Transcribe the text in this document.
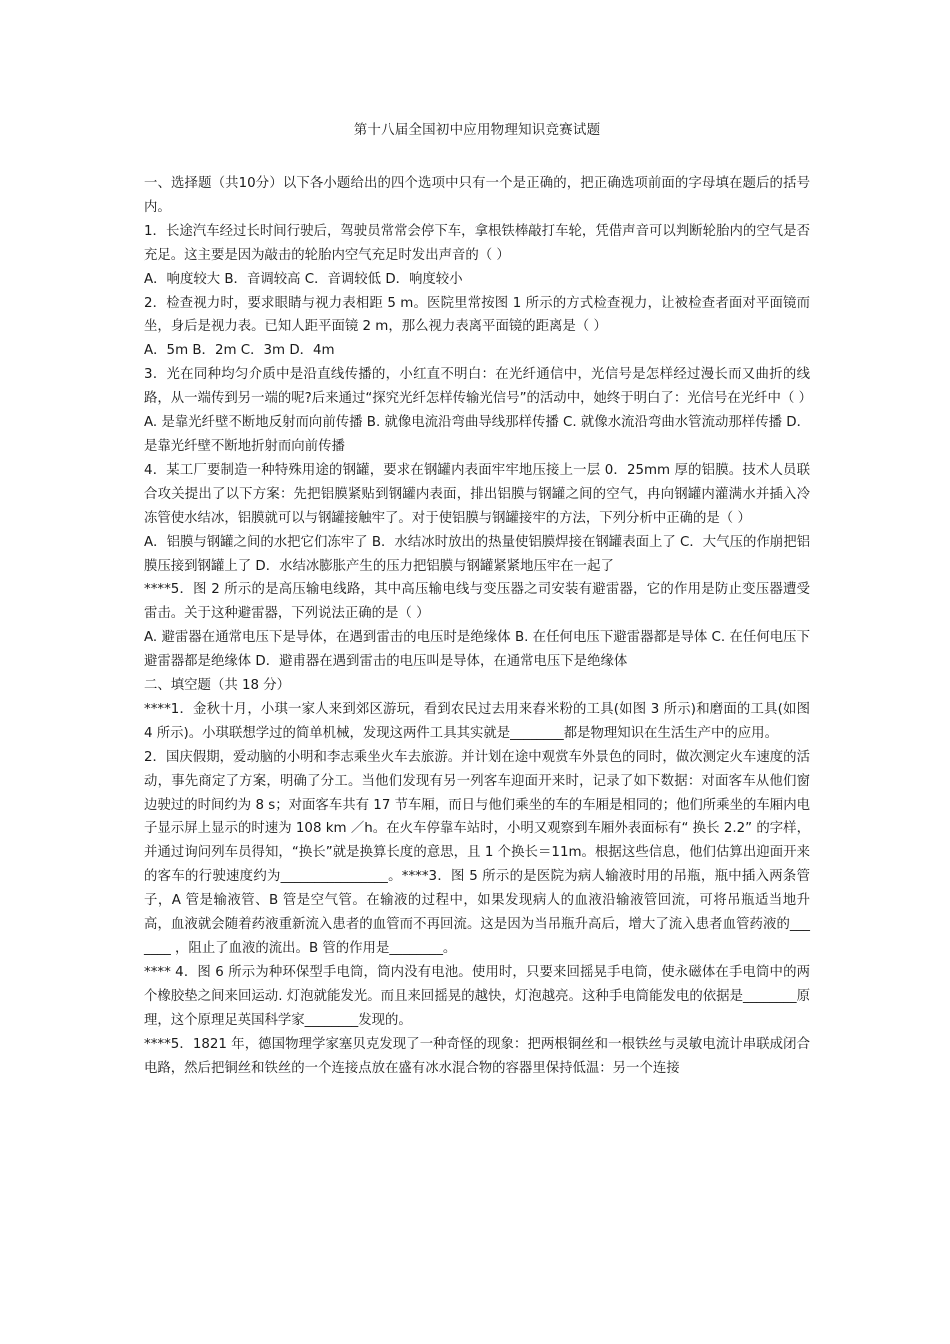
第十八届全国初中应用物理知识竞赛试题

一、选择题（共10分）以下各小题给出的四个选项中只有一个是正确的，把正确选项前面的字母填在题后的括号内。

1．长途汽车经过长时间行驶后，驾驶员常常会停下车，拿根铁棒敲打车轮，凭借声音可以判断轮胎内的空气是否充足。这主要是因为敲击的轮胎内空气充足时发出声音的（ ）

A．响度较大 B．音调较高 C．音调较低 D．响度较小

2．检查视力时，要求眼睛与视力表相距 5 m。医院里常按图 1 所示的方式检查视力，让被检查者面对平面镜而坐，身后是视力表。已知人距平面镜 2 m，那么视力表离平面镜的距离是（ ）

A．5m B．2m C．3m D．4m

3．光在同种均匀介质中是沿直线传播的，小红直不明白：在光纤通信中，光信号是怎样经过漫长而又曲折的线路，从一端传到另一端的呢?后来通过“探究光纤怎样传输光信号”的活动中，她终于明白了：光信号在光纤中（ ）

A. 是靠光纤壁不断地反射而向前传播 B. 就像电流沿弯曲导线那样传播 C. 就像水流沿弯曲水管流动那样传播 D．是靠光纤壁不断地折射而向前传播

4．某工厂要制造一种特殊用途的钢罐，要求在钢罐内表面牢牢地压接上一层 0．25mm 厚的铝膜。技术人员联合攻关提出了以下方案：先把铝膜紧贴到钢罐内表面，排出铝膜与钢罐之间的空气，冉向钢罐内灌满水并插入冷冻管使水结冰，铝膜就可以与钢罐接触牢了。对于使铝膜与钢罐接牢的方法，下列分析中正确的是（ ）

A．铝膜与钢罐之间的水把它们冻牢了 B．水结冰时放出的热量使铝膜焊接在钢罐表面上了 C．大气压的作崩把铝膜压接到钢罐上了 D．水结冰膨胀产生的压力把铝膜与钢罐紧紧地压牢在一起了

****5．图 2 所示的是高压输电线路，其中高压输电线与变压器之司安装有避雷器，它的作用是防止变压器遭受雷击。关于这种避雷器，下列说法正确的是（ ）

A. 避雷器在通常电压下是导体，在遇到雷击的电压时是绝缘体 B. 在任何电压下避雷器都是导体 C. 在任何电压下避雷器都是绝缘体 D．避甫器在遇到雷击的电压叫是导体，在通常电压下是绝缘体

二、填空题（共 18 分）

****1．金秋十月，小琪一家人来到郊区游玩，看到农民过去用来舂米粉的工具(如图 3 所示)和磨面的工具(如图 4 所示)。小琪联想学过的简单机械，发现这两件工具其实就是________都是物理知识在生活生产中的应用。

2．国庆假期，爱动脑的小明和李志乘坐火车去旅游。并计划在途中观赏车外景色的同时，做次测定火车速度的活动，事先商定了方案，明确了分工。当他们发现有另一列客车迎面开来时，记录了如下数据：对面客车从他们窗边驶过的时间约为 8 s；对面客车共有 17 节车厢，而日与他们乘坐的车的车厢是相同的；他们所乘坐的车厢内电子显示屏上显示的时速为 108 km ／h。在火车停靠车站时，小明又观察到车厢外表面标有“ 换长 2.2” 的字样，并通过询问列车员得知，“换长”就是换算长度的意思，且 1 个换长＝11m。根据这些信息，他们估算出迎面开来的客车的行驶速度约为________________。****3．图 5 所示的是医院为病人输液时用的吊瓶，瓶中插入两条管子，A 管是输液管、B 管是空气管。在输液的过程中，如果发现病人的血液沿输液管回流，可将吊瓶适当地升高，血液就会随着药液重新流入患者的血管而不再回流。这是因为当吊瓶升高后，增大了流入患者血管药液的_______ ，阻止了血液的流出。B 管的作用是________。

**** 4．图 6 所示为种环保型手电筒，筒内没有电池。使用时，只要来回摇晃手电筒，使永磁体在手电筒中的两个橡胶垫之间来回运动. 灯泡就能发光。而且来回摇晃的越快，灯泡越亮。这种手电筒能发电的依据是________原理，这个原理足英国科学家________发现的。

****5．1821 年，德国物理学家塞贝克发现了一种奇怪的现象：把两根铜丝和一根铁丝与灵敏电流计串联成闭合电路，然后把铜丝和铁丝的一个连接点放在盛有冰水混合物的容器里保持低温：另一个连接
